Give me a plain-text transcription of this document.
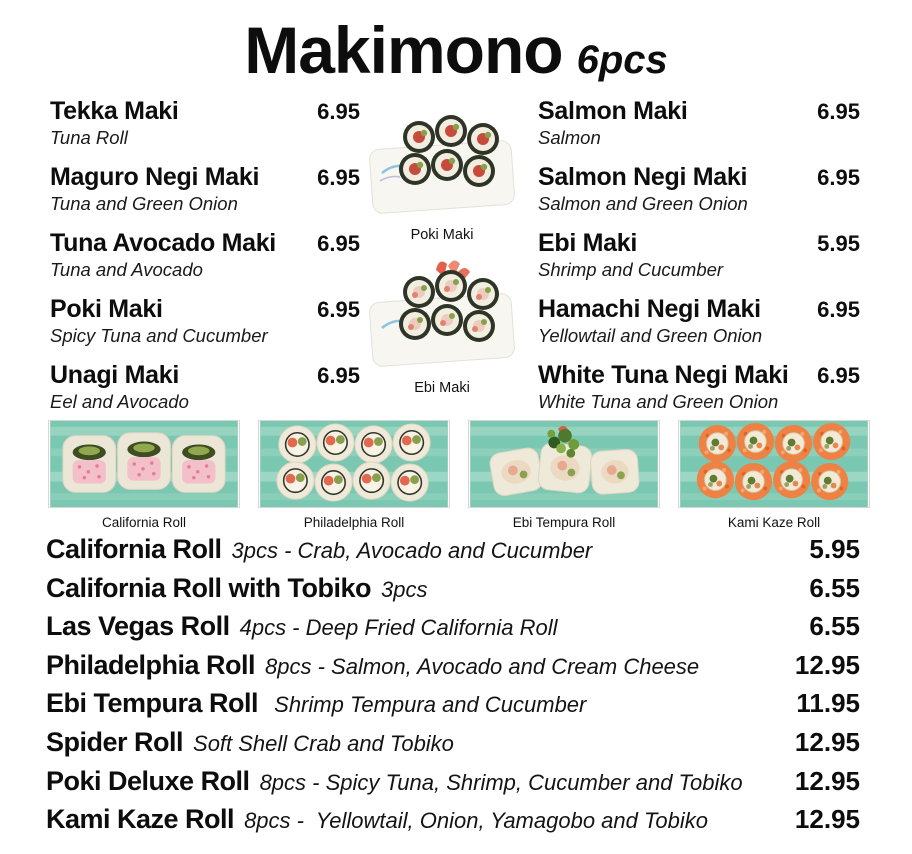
Makimono 6pcs
Tekka Maki
Tuna Roll
6.95
Maguro Negi Maki
Tuna and Green Onion
6.95
Tuna Avocado Maki
Tuna and Avocado
6.95
Poki Maki
Spicy Tuna and Cucumber
6.95
Unagi Maki
Eel and Avocado
6.95
Salmon Maki
Salmon
6.95
Salmon Negi Maki
Salmon and Green Onion
6.95
Ebi Maki
Shrimp and Cucumber
5.95
Hamachi Negi Maki
Yellowtail and Green Onion
6.95
White Tuna Negi Maki
White Tuna and Green Onion
6.95
Poki Maki
Ebi Maki
California Roll	Philadelphia Roll	Ebi Tempura Roll	Kami Kaze Roll
California Roll 3pcs - Crab, Avocado and Cucumber	5.95
California Roll with Tobiko 3pcs	6.55
Las Vegas Roll 4pcs - Deep Fried California Roll	6.55
Philadelphia Roll 8pcs - Salmon, Avocado and Cream Cheese	12.95
Ebi Tempura Roll Shrimp Tempura and Cucumber	11.95
Spider Roll Soft Shell Crab and Tobiko	12.95
Poki Deluxe Roll 8pcs - Spicy Tuna, Shrimp, Cucumber and Tobiko 12.95
Kami Kaze Roll 8pcs -  Yellowtail, Onion, Yamagobo and Tobiko	12.95
